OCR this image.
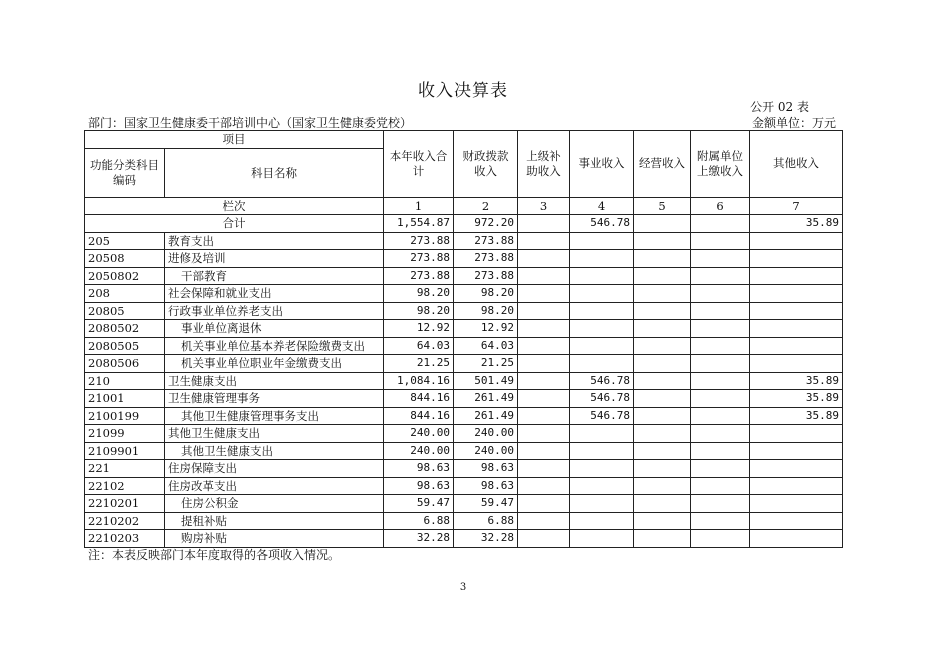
收入决算表
公开 02 表
部门：国家卫生健康委干部培训中心（国家卫生健康委党校）	金额单位：万元
项目		本年收入合计	财政拨款收入	上级补助收入	事业收入	经营收入	附属单位上缴收入	其他收入
功能分类科目编码	科目名称							
栏次		1	2	3	4	5	6	7
合计		1,554.87	972.20		546.78			35.89
205	教育支出	273.88	273.88					
20508	进修及培训	273.88	273.88					
2050802	干部教育	273.88	273.88					
208	社会保障和就业支出	98.20	98.20					
20805	行政事业单位养老支出	98.20	98.20					
2080502	事业单位离退休	12.92	12.92					
2080505	机关事业单位基本养老保险缴费支出	64.03	64.03					
2080506	机关事业单位职业年金缴费支出	21.25	21.25					
210	卫生健康支出	1,084.16	501.49		546.78			35.89
21001	卫生健康管理事务	844.16	261.49		546.78			35.89
2100199	其他卫生健康管理事务支出	844.16	261.49		546.78			35.89
21099	其他卫生健康支出	240.00	240.00					
2109901	其他卫生健康支出	240.00	240.00					
221	住房保障支出	98.63	98.63					
22102	住房改革支出	98.63	98.63					
2210201	住房公积金	59.47	59.47					
2210202	提租补贴	6.88	6.88					
2210203	购房补贴	32.28	32.28					
注：本表反映部门本年度取得的各项收入情况。
3
